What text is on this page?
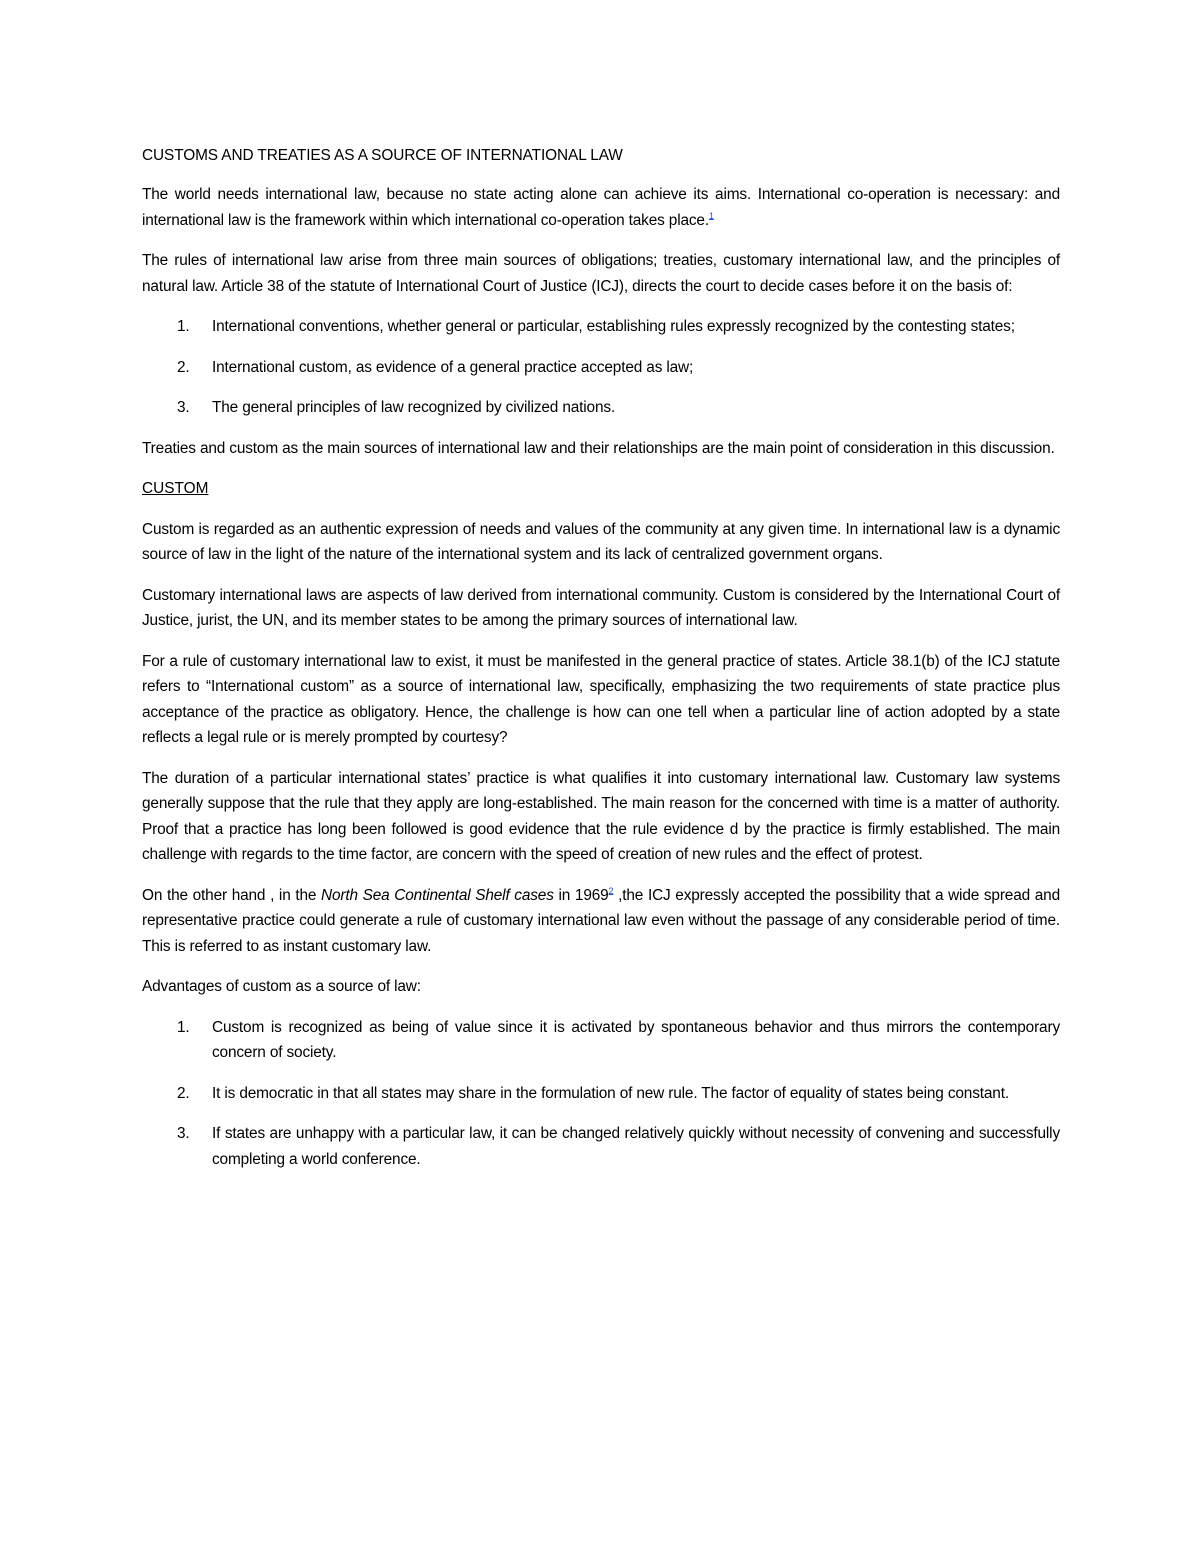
CUSTOMS AND TREATIES AS A SOURCE OF INTERNATIONAL LAW

The world needs international law, because no state acting alone can achieve its aims. International co-operation is necessary: and international law is the framework within which international co-operation takes place.$^1$

The rules of international law arise from three main sources of obligations; treaties, customary international law, and the principles of natural law. Article 38 of the statute of International Court of Justice (ICJ), directs the court to decide cases before it on the basis of:

1. International conventions, whether general or particular, establishing rules expressly recognized by the contesting states;
2. International custom, as evidence of a general practice accepted as law;
3. The general principles of law recognized by civilized nations.

Treaties and custom as the main sources of international law and their relationships are the main point of consideration in this discussion.

CUSTOM

Custom is regarded as an authentic expression of needs and values of the community at any given time. In international law is a dynamic source of law in the light of the nature of the international system and its lack of centralized government organs.

Customary international laws are aspects of law derived from international community. Custom is considered by the International Court of Justice, jurist, the UN, and its member states to be among the primary sources of international law.

For a rule of customary international law to exist, it must be manifested in the general practice of states. Article 38.1(b) of the ICJ statute refers to “International custom” as a source of international law, specifically, emphasizing the two requirements of state practice plus acceptance of the practice as obligatory. Hence, the challenge is how can one tell when a particular line of action adopted by a state reflects a legal rule or is merely prompted by courtesy?

The duration of a particular international states’ practice is what qualifies it into customary international law. Customary law systems generally suppose that the rule that they apply are long-established. The main reason for the concerned with time is a matter of authority. Proof that a practice has long been followed is good evidence that the rule evidence d by the practice is firmly established. The main challenge with regards to the time factor, are concern with the speed of creation of new rules and the effect of protest.

On the other hand , in the North Sea Continental Shelf cases in 1969$^2$ ,the ICJ expressly accepted the possibility that a wide spread and representative practice could generate a rule of customary international law even without the passage of any considerable period of time. This is referred to as instant customary law.

Advantages of custom as a source of law:

1. Custom is recognized as being of value since it is activated by spontaneous behavior and thus mirrors the contemporary concern of society.
2. It is democratic in that all states may share in the formulation of new rule. The factor of equality of states being constant.
3. If states are unhappy with a particular law, it can be changed relatively quickly without necessity of convening and successfully completing a world conference.
